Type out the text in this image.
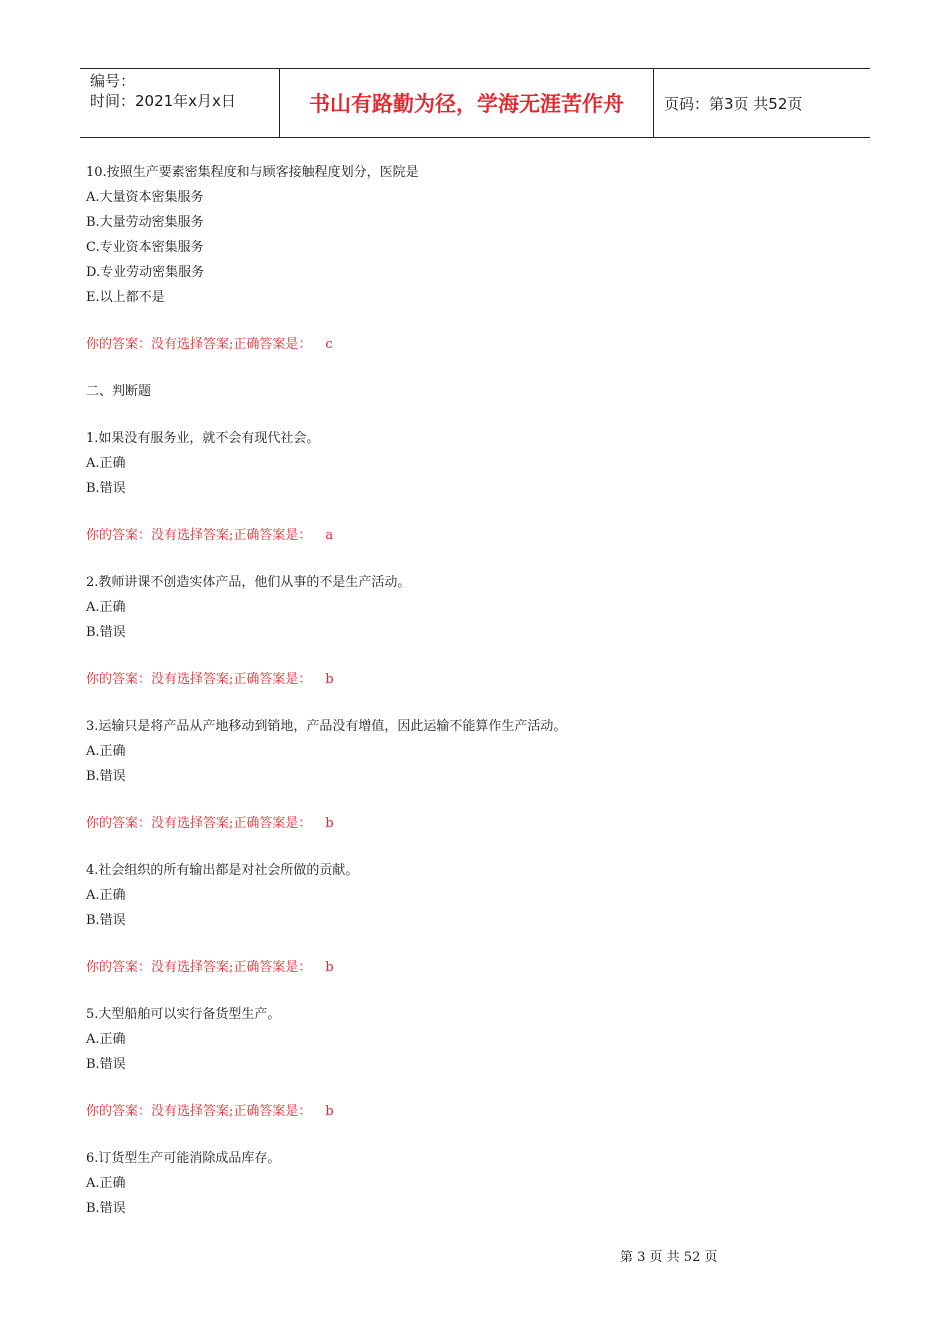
编号：
时间：2021年x月x日	书山有路勤为径，学海无涯苦作舟	页码：第3页 共52页
10.按照生产要素密集程度和与顾客接触程度划分，医院是
A.大量资本密集服务
B.大量劳动密集服务
C.专业资本密集服务
D.专业劳动密集服务
E.以上都不是
你的答案：没有选择答案;正确答案是： c
二、判断题
1.如果没有服务业，就不会有现代社会。
A.正确
B.错误
你的答案：没有选择答案;正确答案是： a
2.教师讲课不创造实体产品，他们从事的不是生产活动。
A.正确
B.错误
你的答案：没有选择答案;正确答案是： b
3.运输只是将产品从产地移动到销地，产品没有增值，因此运输不能算作生产活动。
A.正确
B.错误
你的答案：没有选择答案;正确答案是： b
4.社会组织的所有输出都是对社会所做的贡献。
A.正确
B.错误
你的答案：没有选择答案;正确答案是： b
5.大型船舶可以实行备货型生产。
A.正确
B.错误
你的答案：没有选择答案;正确答案是： b
6.订货型生产可能消除成品库存。
A.正确
B.错误
第 3 页 共 52 页
